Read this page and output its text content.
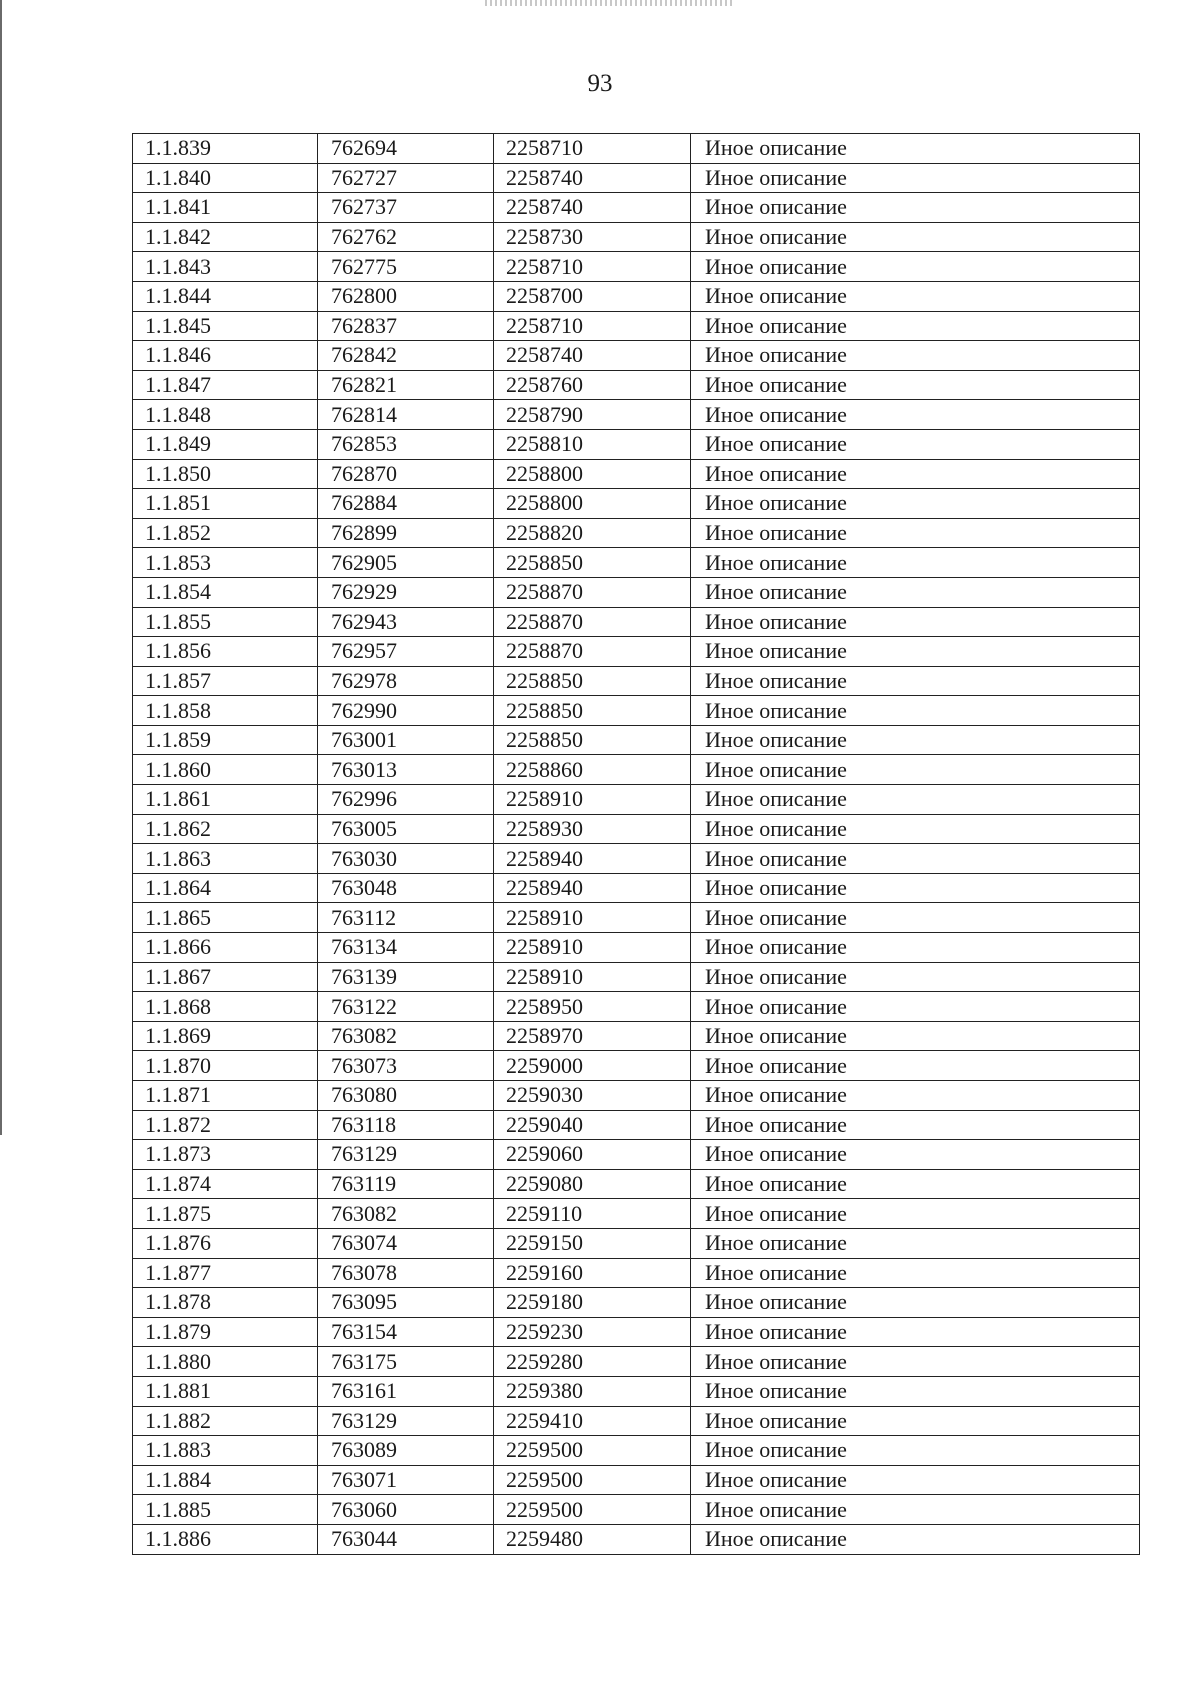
93
1.1.839	762694	2258710	Иное описание
1.1.840	762727	2258740	Иное описание
1.1.841	762737	2258740	Иное описание
1.1.842	762762	2258730	Иное описание
1.1.843	762775	2258710	Иное описание
1.1.844	762800	2258700	Иное описание
1.1.845	762837	2258710	Иное описание
1.1.846	762842	2258740	Иное описание
1.1.847	762821	2258760	Иное описание
1.1.848	762814	2258790	Иное описание
1.1.849	762853	2258810	Иное описание
1.1.850	762870	2258800	Иное описание
1.1.851	762884	2258800	Иное описание
1.1.852	762899	2258820	Иное описание
1.1.853	762905	2258850	Иное описание
1.1.854	762929	2258870	Иное описание
1.1.855	762943	2258870	Иное описание
1.1.856	762957	2258870	Иное описание
1.1.857	762978	2258850	Иное описание
1.1.858	762990	2258850	Иное описание
1.1.859	763001	2258850	Иное описание
1.1.860	763013	2258860	Иное описание
1.1.861	762996	2258910	Иное описание
1.1.862	763005	2258930	Иное описание
1.1.863	763030	2258940	Иное описание
1.1.864	763048	2258940	Иное описание
1.1.865	763112	2258910	Иное описание
1.1.866	763134	2258910	Иное описание
1.1.867	763139	2258910	Иное описание
1.1.868	763122	2258950	Иное описание
1.1.869	763082	2258970	Иное описание
1.1.870	763073	2259000	Иное описание
1.1.871	763080	2259030	Иное описание
1.1.872	763118	2259040	Иное описание
1.1.873	763129	2259060	Иное описание
1.1.874	763119	2259080	Иное описание
1.1.875	763082	2259110	Иное описание
1.1.876	763074	2259150	Иное описание
1.1.877	763078	2259160	Иное описание
1.1.878	763095	2259180	Иное описание
1.1.879	763154	2259230	Иное описание
1.1.880	763175	2259280	Иное описание
1.1.881	763161	2259380	Иное описание
1.1.882	763129	2259410	Иное описание
1.1.883	763089	2259500	Иное описание
1.1.884	763071	2259500	Иное описание
1.1.885	763060	2259500	Иное описание
1.1.886	763044	2259480	Иное описание
